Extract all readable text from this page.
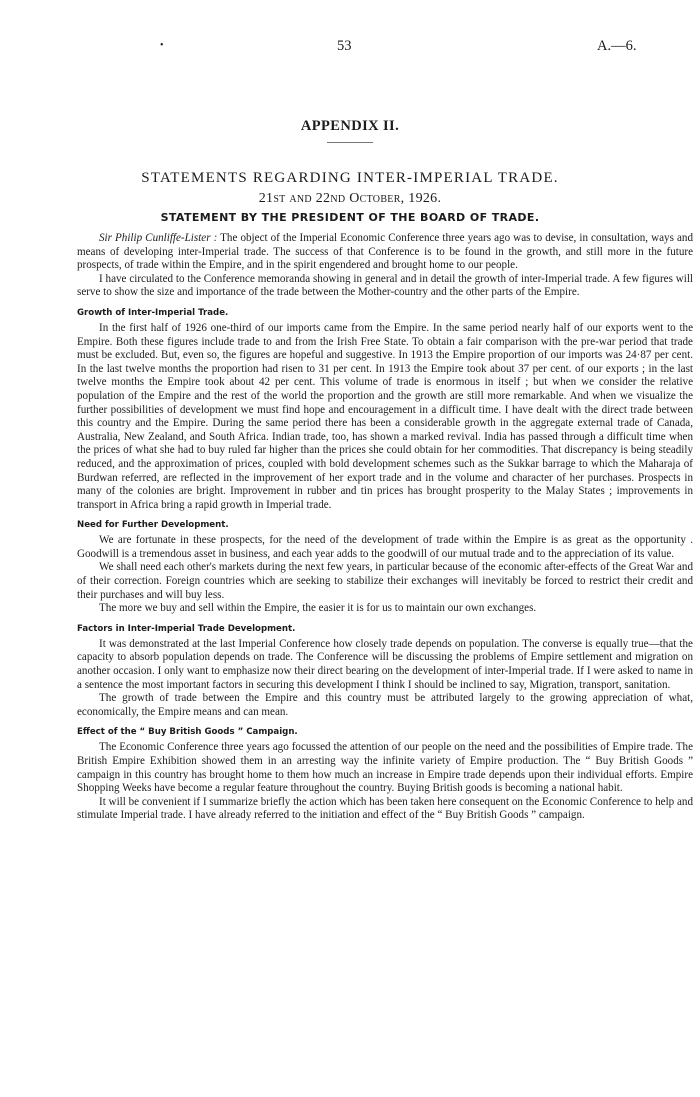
•	53	A.—6.
APPENDIX II.
STATEMENTS REGARDING INTER-IMPERIAL TRADE.
21st and 22nd October, 1926.
STATEMENT BY THE PRESIDENT OF THE BOARD OF TRADE.

Sir Philip Cunliffe-Lister : The object of the Imperial Economic Conference three years ago was to devise, in consultation, ways and means of developing inter-Imperial trade. The success of that Conference is to be found in the growth, and still more in the future prospects, of trade within the Empire, and in the spirit engendered and brought home to our people.

I have circulated to the Conference memoranda showing in general and in detail the growth of inter-Imperial trade. A few figures will serve to show the size and importance of the trade between the Mother-country and the other parts of the Empire.

Growth of Inter-Imperial Trade.

In the first half of 1926 one-third of our imports came from the Empire. In the same period nearly half of our exports went to the Empire. Both these figures include trade to and from the Irish Free State. To obtain a fair comparison with the pre-war period that trade must be excluded. But, even so, the figures are hopeful and suggestive. In 1913 the Empire proportion of our imports was 24·87 per cent. In the last twelve months the proportion had risen to 31 per cent. In 1913 the Empire took about 37 per cent. of our exports ; in the last twelve months the Empire took about 42 per cent. This volume of trade is enormous in itself ; but when we consider the relative population of the Empire and the rest of the world the proportion and the growth are still more remarkable. And when we visualize the further possibilities of development we must find hope and encouragement in a difficult time. I have dealt with the direct trade between this country and the Empire. During the same period there has been a considerable growth in the aggregate external trade of Canada, Australia, New Zealand, and South Africa. Indian trade, too, has shown a marked revival. India has passed through a difficult time when the prices of what she had to buy ruled far higher than the prices she could obtain for her commodities. That discrepancy is being steadily reduced, and the approximation of prices, coupled with bold development schemes such as the Sukkar barrage to which the Maharaja of Burdwan referred, are reflected in the improvement of her export trade and in the volume and character of her purchases. Prospects in many of the colonies are bright. Improvement in rubber and tin prices has brought prosperity to the Malay States ; improvements in transport in Africa bring a rapid growth in Imperial trade.

Need for Further Development.

We are fortunate in these prospects, for the need of the development of trade within the Empire is as great as the opportunity . Goodwill is a tremendous asset in business, and each year adds to the goodwill of our mutual trade and to the appreciation of its value.

We shall need each other's markets during the next few years, in particular because of the economic after-effects of the Great War and of their correction. Foreign countries which are seeking to stabilize their exchanges will inevitably be forced to restrict their credit and their purchases and will buy less.

The more we buy and sell within the Empire, the easier it is for us to maintain our own exchanges.

Factors in Inter-Imperial Trade Development.

It was demonstrated at the last Imperial Conference how closely trade depends on population. The converse is equally true—that the capacity to absorb population depends on trade. The Conference will be discussing the problems of Empire settlement and migration on another occasion. I only want to emphasize now their direct bearing on the development of inter-Imperial trade. If I were asked to name in a sentence the most important factors in securing this development I think I should be inclined to say, Migration, transport, sanitation.

The growth of trade between the Empire and this country must be attributed largely to the growing appreciation of what, economically, the Empire means and can mean.

Effect of the “ Buy British Goods ” Campaign.

The Economic Conference three years ago focussed the attention of our people on the need and the possibilities of Empire trade. The British Empire Exhibition showed them in an arresting way the infinite variety of Empire production. The “ Buy British Goods ” campaign in this country has brought home to them how much an increase in Empire trade depends upon their individual efforts. Empire Shopping Weeks have become a regular feature throughout the country. Buying British goods is becoming a national habit.

It will be convenient if I summarize briefly the action which has been taken here consequent on the Economic Conference to help and stimulate Imperial trade. I have already referred to the initiation and effect of the “ Buy British Goods ” campaign.
